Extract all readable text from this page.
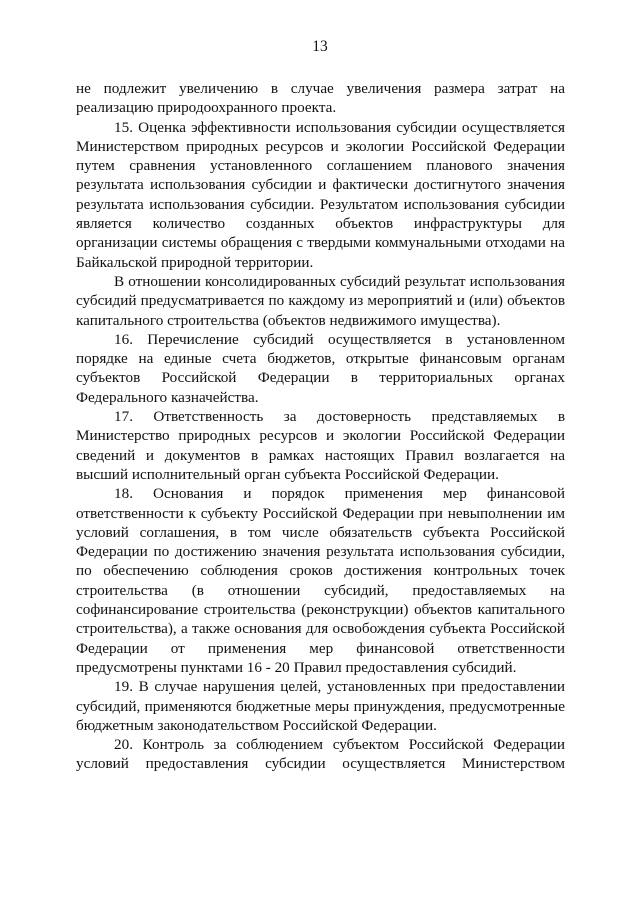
13

не подлежит увеличению в случае увеличения размера затрат на реализацию природоохранного проекта.

15. Оценка эффективности использования субсидии осуществляется Министерством природных ресурсов и экологии Российской Федерации путем сравнения установленного соглашением планового значения результата использования субсидии и фактически достигнутого значения результата использования субсидии. Результатом использования субсидии является количество созданных объектов инфраструктуры для организации системы обращения с твердыми коммунальными отходами на Байкальской природной территории.

В отношении консолидированных субсидий результат использования субсидий предусматривается по каждому из мероприятий и (или) объектов капитального строительства (объектов недвижимого имущества).

16. Перечисление субсидий осуществляется в установленном порядке на единые счета бюджетов, открытые финансовым органам субъектов Российской Федерации в территориальных органах Федерального казначейства.

17. Ответственность за достоверность представляемых в Министерство природных ресурсов и экологии Российской Федерации сведений и документов в рамках настоящих Правил возлагается на высший исполнительный орган субъекта Российской Федерации.

18. Основания и порядок применения мер финансовой ответственности к субъекту Российской Федерации при невыполнении им условий соглашения, в том числе обязательств субъекта Российской Федерации по достижению значения результата использования субсидии, по обеспечению соблюдения сроков достижения контрольных точек строительства (в отношении субсидий, предоставляемых на софинансирование строительства (реконструкции) объектов капитального строительства), а также основания для освобождения субъекта Российской Федерации от применения мер финансовой ответственности предусмотрены пунктами 16 - 20 Правил предоставления субсидий.

19. В случае нарушения целей, установленных при предоставлении субсидий, применяются бюджетные меры принуждения, предусмотренные бюджетным законодательством Российской Федерации.

20. Контроль за соблюдением субъектом Российской Федерации условий предоставления субсидии осуществляется Министерством
